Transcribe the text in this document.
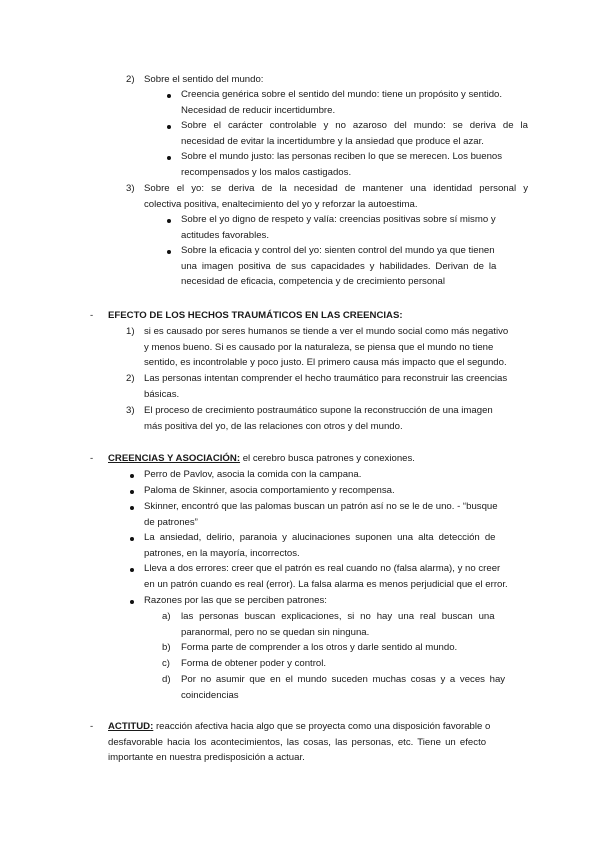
2) Sobre el sentido del mundo:
Creencia genérica sobre el sentido del mundo: tiene un propósito y sentido.
Necesidad de reducir incertidumbre.
Sobre el carácter controlable y no azaroso del mundo: se deriva de la
necesidad de evitar la incertidumbre y la ansiedad que produce el azar.
Sobre el mundo justo: las personas reciben lo que se merecen. Los buenos
recompensados y los malos castigados.
3) Sobre el yo: se deriva de la necesidad de mantener una identidad personal y
colectiva positiva, enaltecimiento del yo y reforzar la autoestima.
Sobre el yo digno de respeto y valía: creencias positivas sobre sí mismo y
actitudes favorables.
Sobre la eficacia y control del yo: sienten control del mundo ya que tienen
una imagen positiva de sus capacidades y habilidades. Derivan de la
necesidad de eficacia, competencia y de crecimiento personal
- EFECTO DE LOS HECHOS TRAUMÁTICOS EN LAS CREENCIAS:
1) si es causado por seres humanos se tiende a ver el mundo social como más negativo
y menos bueno. Si es causado por la naturaleza, se piensa que el mundo no tiene
sentido, es incontrolable y poco justo. El primero causa más impacto que el segundo.
2) Las personas intentan comprender el hecho traumático para reconstruir las creencias
básicas.
3) El proceso de crecimiento postraumático supone la reconstrucción de una imagen
más positiva del yo, de las relaciones con otros y del mundo.
- CREENCIAS Y ASOCIACIÓN: el cerebro busca patrones y conexiones.
Perro de Pavlov, asocia la comida con la campana.
Paloma de Skinner, asocia comportamiento y recompensa.
Skinner, encontró que las palomas buscan un patrón así no se le de uno. - “busque
de patrones”
La ansiedad, delirio, paranoia y alucinaciones suponen una alta detección de
patrones, en la mayoría, incorrectos.
Lleva a dos errores: creer que el patrón es real cuando no (falsa alarma), y no creer
en un patrón cuando es real (error). La falsa alarma es menos perjudicial que el error.
Razones por las que se perciben patrones:
a) las personas buscan explicaciones, si no hay una real buscan una
paranormal, pero no se quedan sin ninguna.
b) Forma parte de comprender a los otros y darle sentido al mundo.
c) Forma de obtener poder y control.
d) Por no asumir que en el mundo suceden muchas cosas y a veces hay
coincidencias
- ACTITUD: reacción afectiva hacia algo que se proyecta como una disposición favorable o
desfavorable hacia los acontecimientos, las cosas, las personas, etc. Tiene un efecto
importante en nuestra predisposición a actuar.
